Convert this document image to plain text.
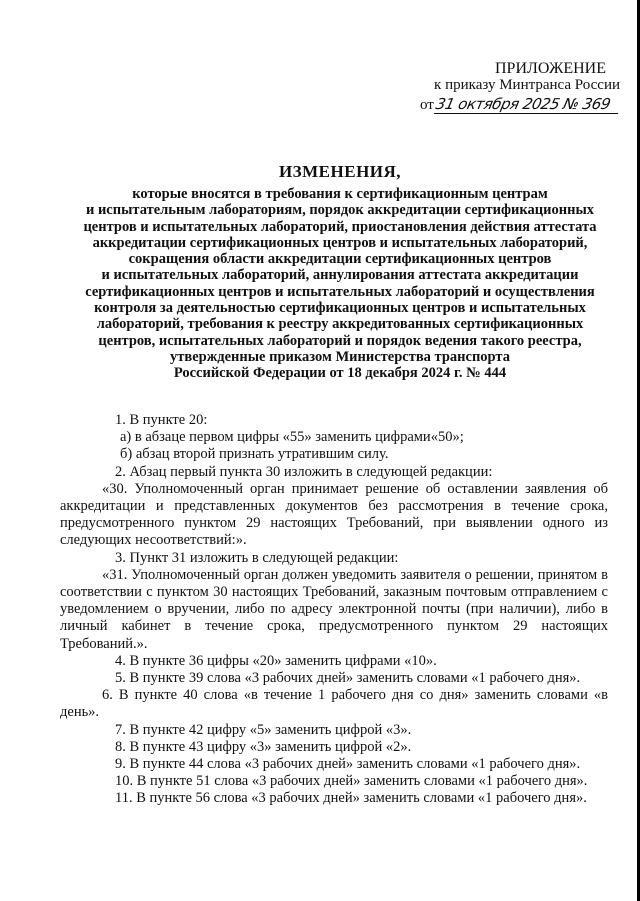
ПРИЛОЖЕНИЕ
к приказу Минтранса России
от 31 октября 2025 № 369
ИЗМЕНЕНИЯ,
которые вносятся в требования к сертификационным центрам
и испытательным лабораториям, порядок аккредитации сертификационных
центров и испытательных лабораторий, приостановления действия аттестата
аккредитации сертификационных центров и испытательных лабораторий,
сокращения области аккредитации сертификационных центров
и испытательных лабораторий, аннулирования аттестата аккредитации
сертификационных центров и испытательных лабораторий и осуществления
контроля за деятельностью сертификационных центров и испытательных
лабораторий, требования к реестру аккредитованных сертификационных
центров, испытательных лабораторий и порядок ведения такого реестра,
утвержденные приказом Министерства транспорта
Российской Федерации от 18 декабря 2024 г. № 444

1. В пункте 20:

а) в абзаце первом цифры «55» заменить цифрами«50»;

б) абзац второй признать утратившим силу.

2. Абзац первый пункта 30 изложить в следующей редакции:

«30. Уполномоченный орган принимает решение об оставлении заявления об аккредитации и представленных документов без рассмотрения в течение срока, предусмотренного пунктом 29 настоящих Требований, при выявлении одного из следующих несоответствий:».

3. Пункт 31 изложить в следующей редакции:

«31. Уполномоченный орган должен уведомить заявителя о решении, принятом в соответствии с пунктом 30 настоящих Требований, заказным почтовым отправлением с уведомлением о вручении, либо по адресу электронной почты (при наличии), либо в личный кабинет в течение срока, предусмотренного пунктом 29 настоящих Требований.».

4. В пункте 36 цифры «20» заменить цифрами «10».

5. В пункте 39 слова «3 рабочих дней» заменить словами «1 рабочего дня».

6. В пункте 40 слова «в течение 1 рабочего дня со дня» заменить словами «в день».

7. В пункте 42 цифру «5» заменить цифрой «3».

8. В пункте 43 цифру «3» заменить цифрой «2».

9. В пункте 44 слова «3 рабочих дней» заменить словами «1 рабочего дня».

10. В пункте 51 слова «3 рабочих дней» заменить словами «1 рабочего дня».

11. В пункте 56 слова «3 рабочих дней» заменить словами «1 рабочего дня».
